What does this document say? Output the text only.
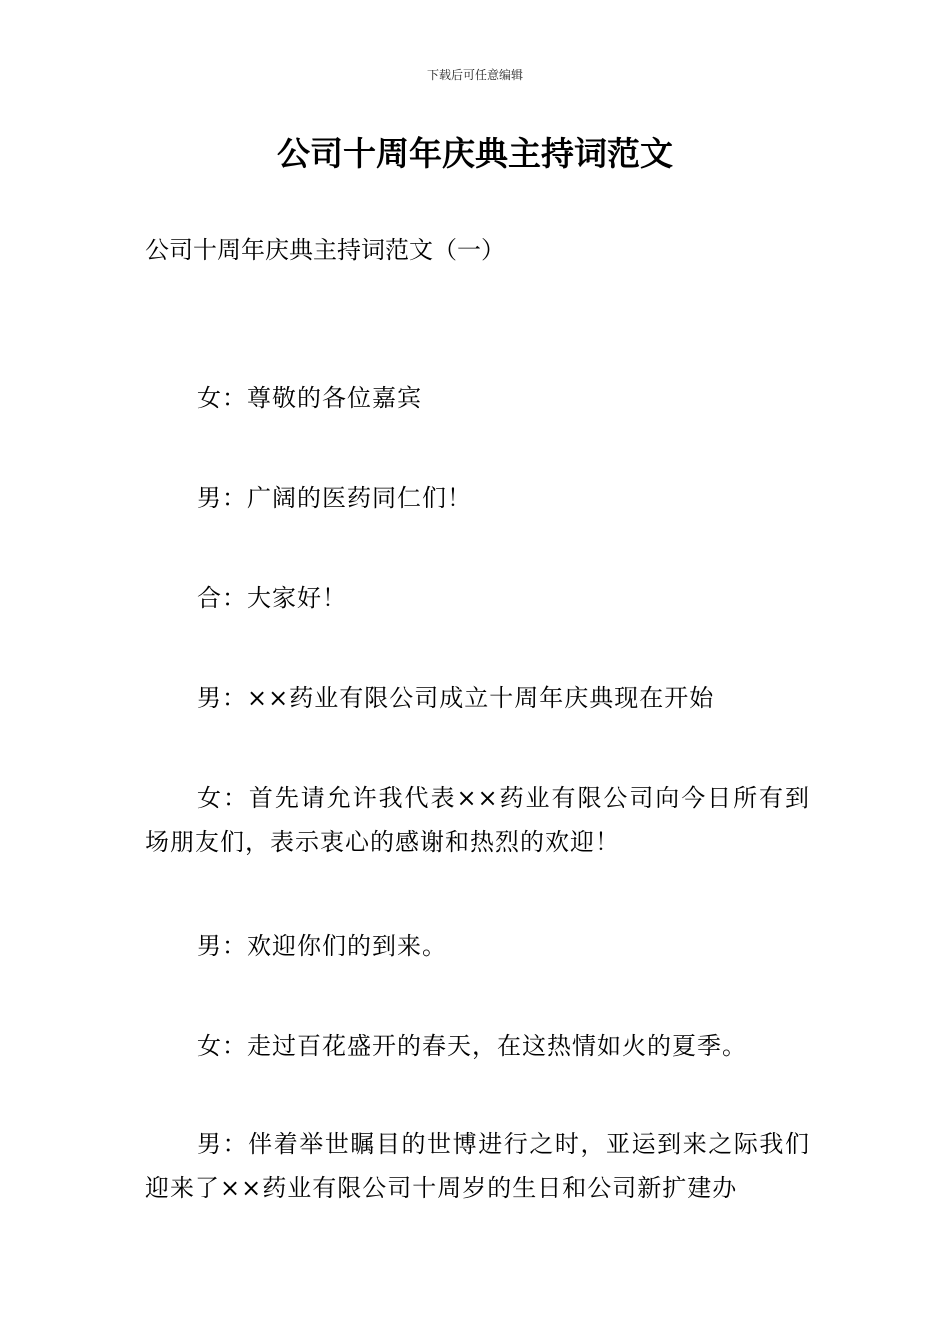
下载后可任意编辑
公司十周年庆典主持词范文
公司十周年庆典主持词范文（一）
女：尊敬的各位嘉宾
男：广阔的医药同仁们！
合：大家好！
男：××药业有限公司成立十周年庆典现在开始
女：首先请允许我代表××药业有限公司向今日所有到场朋友们，表示衷心的感谢和热烈的欢迎！
男：欢迎你们的到来。
女：走过百花盛开的春天，在这热情如火的夏季。
男：伴着举世瞩目的世博进行之时，亚运到来之际我们迎来了××药业有限公司十周岁的生日和公司新扩建办
